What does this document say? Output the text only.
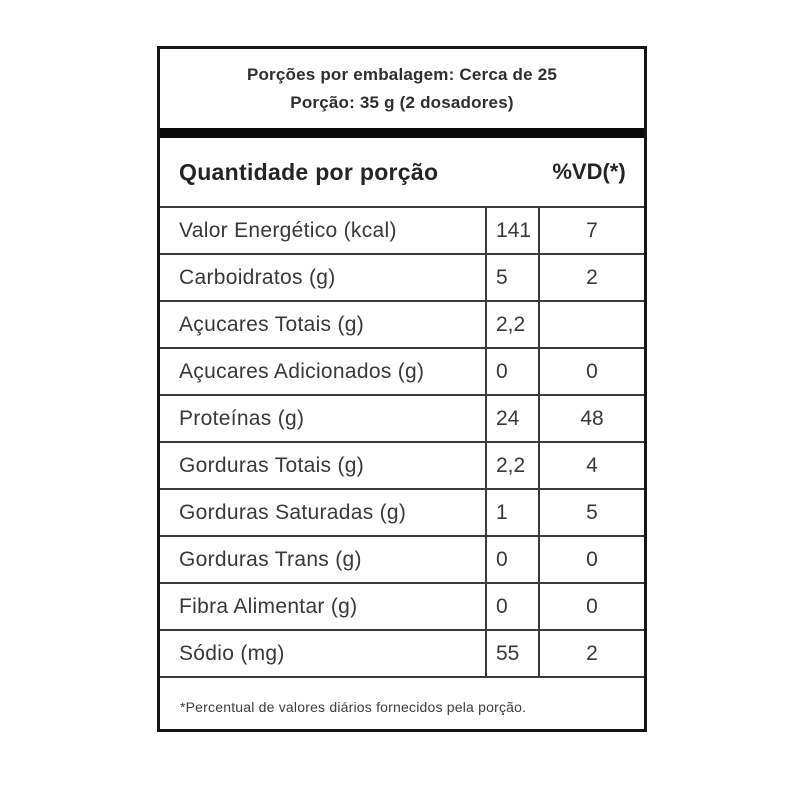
Porções por embalagem: Cerca de 25
Porção: 35 g (2 dosadores)
Quantidade por porção	%VD(*)
Valor Energético (kcal)	141	7
Carboidratos (g)	5	2
Açucares Totais (g)	2,2
Açucares Adicionados (g)	0	0
Proteínas (g)	24	48
Gorduras Totais (g)	2,2	4
Gorduras Saturadas (g)	1	5
Gorduras Trans (g)	0	0
Fibra Alimentar (g)	0	0
Sódio (mg)	55	2
*Percentual de valores diários fornecidos pela porção.
